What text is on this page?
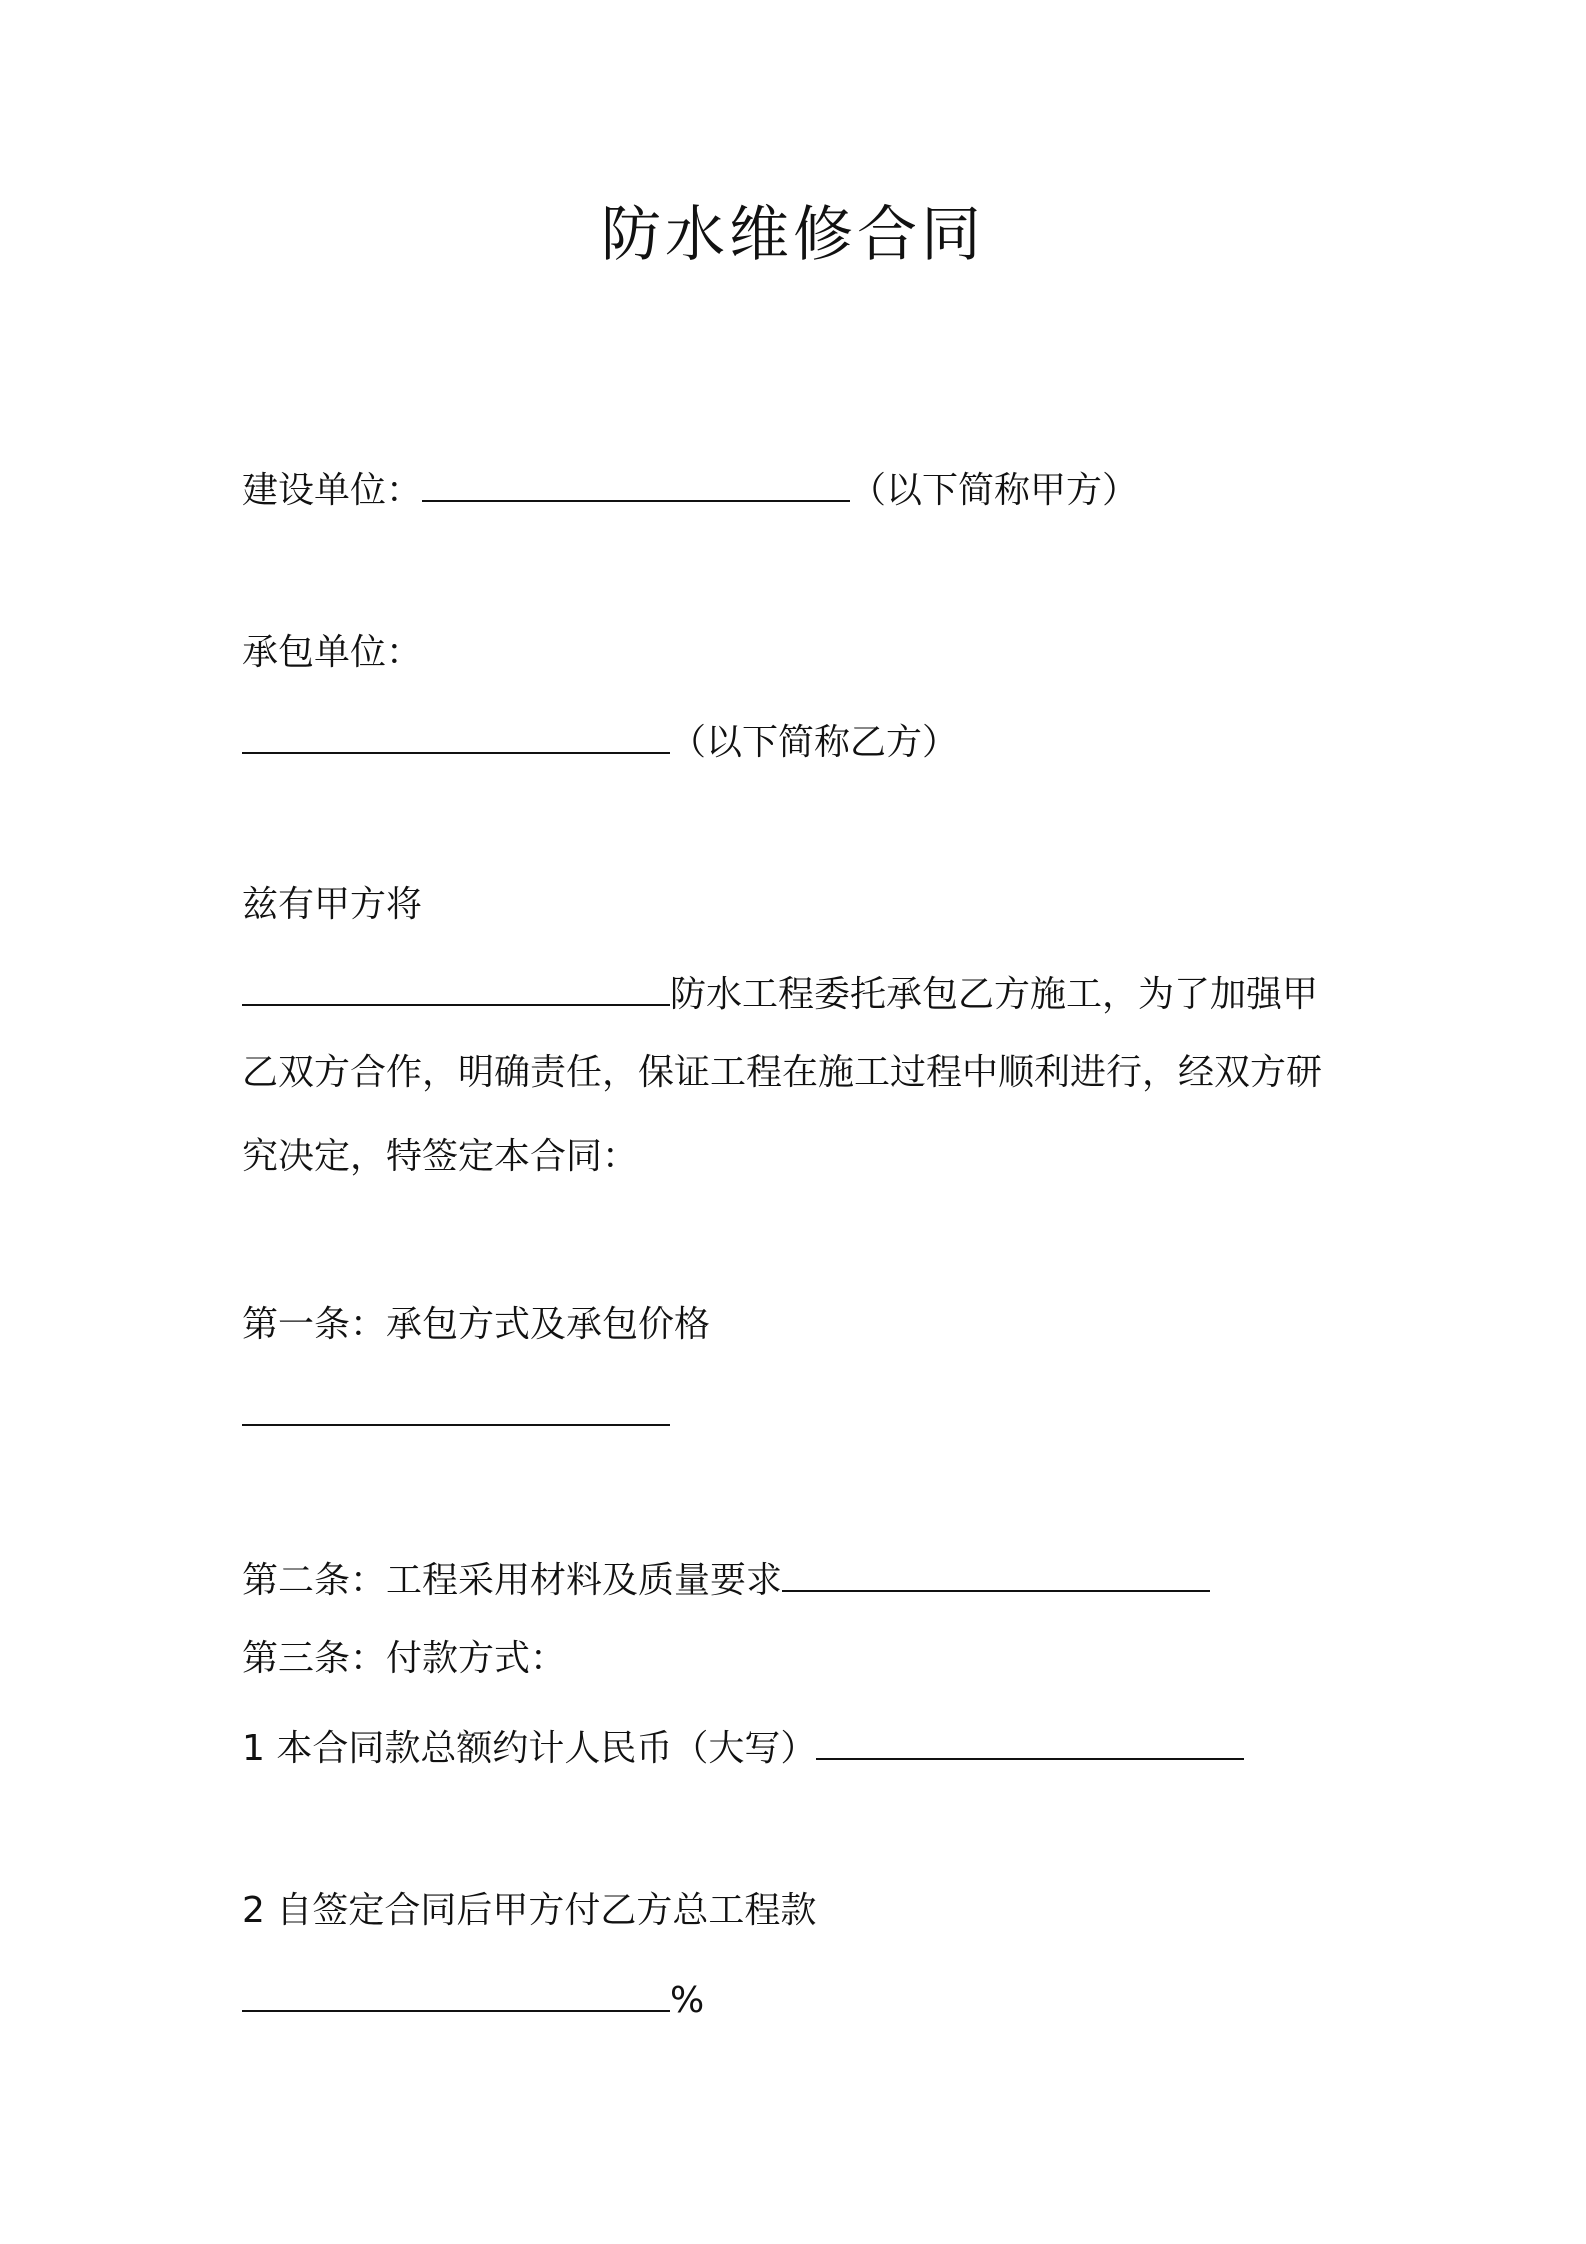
防水维修合同
建设单位：	（以下简称甲方）
承包单位：
（以下简称乙方）
兹有甲方将
防水工程委托承包乙方施工，为了加强甲
乙双方合作，明确责任，保证工程在施工过程中顺利进行，经双方研
究决定，特签定本合同：
第一条：承包方式及承包价格
第二条：工程采用材料及质量要求
第三条：付款方式：
1 本合同款总额约计人民币（大写）
2 自签定合同后甲方付乙方总工程款
%
